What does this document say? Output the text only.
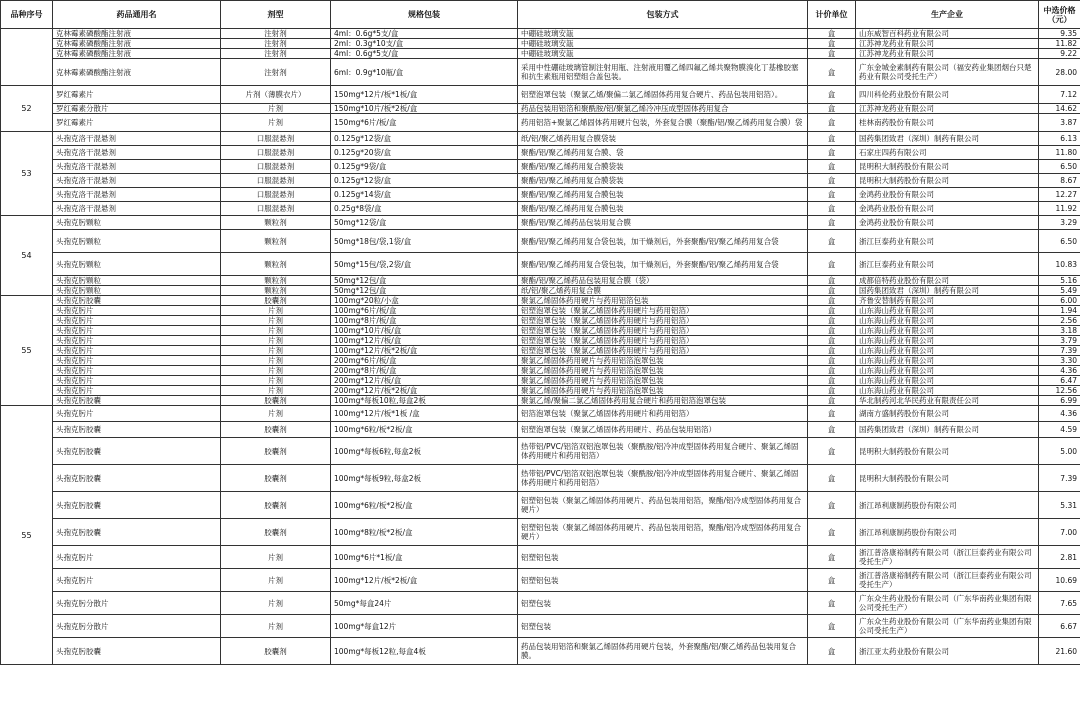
品种序号	药品通用名	剂型	规格包装	包装方式	计价单位	生产企业	中选价格（元）
	克林霉素磷酸酯注射液	注射剂	4ml：0.6g*5支/盒	中硼硅玻璃安瓿	盒	山东威智百科药业有限公司	9.35
	克林霉素磷酸酯注射液	注射剂	2ml：0.3g*10支/盒	中硼硅玻璃安瓿	盒	江苏神龙药业有限公司	11.82
	克林霉素磷酸酯注射液	注射剂	4ml：0.6g*5支/盒	中硼硅玻璃安瓿	盒	江苏神龙药业有限公司	9.22
	克林霉素磷酸酯注射液	注射剂	6ml：0.9g*10瓶/盒	采用中性硼硅玻璃管制注射用瓶、注射液用覆乙烯四氟乙烯共聚物膜溴化丁基橡胶塞和抗生素瓶用铝塑组合盖包装。	盒	广东金城金素制药有限公司（福安药业集团烟台只楚药业有限公司受托生产）	28.00
52	罗红霉素片	片剂（薄膜衣片）	150mg*12片/板*1板/盒	铝塑泡罩包装（聚氯乙烯/聚偏二氯乙烯固体药用复合硬片、药品包装用铝箔）。	盒	四川科伦药业股份有限公司	7.12
	罗红霉素分散片	片剂	150mg*10片/板*2板/盒	药品包装用铝箔和聚酰胺/铝/聚氯乙烯冷冲压成型固体药用复合	盒	江苏神龙药业有限公司	14.62
	罗红霉素片	片剂	150mg*6片/板/盒	药用铝箔+聚氯乙烯固体药用硬片包装，外套复合膜（聚酯/铝/聚乙烯药用复合膜）袋	盒	桂林南药股份有限公司	3.87
53	头孢克洛干混悬剂	口服混悬剂	0.125g*12袋/盒	纸/铝/聚乙烯药用复合膜袋装	盒	国药集团致君（深圳）制药有限公司	6.13
	头孢克洛干混悬剂	口服混悬剂	0.125g*20袋/盒	聚酯/铝/聚乙烯药用复合膜、袋	盒	石家庄四药有限公司	11.80
	头孢克洛干混悬剂	口服混悬剂	0.125g*9袋/盒	聚酯/铝/聚乙烯药用复合膜袋装	盒	昆明积大制药股份有限公司	6.50
	头孢克洛干混悬剂	口服混悬剂	0.125g*12袋/盒	聚酯/铝/聚乙烯药用复合膜袋装	盒	昆明积大制药股份有限公司	8.67
	头孢克洛干混悬剂	口服混悬剂	0.125g*14袋/盒	聚酯/铝/聚乙烯药用复合膜包装	盒	金鸿药业股份有限公司	12.27
	头孢克洛干混悬剂	口服混悬剂	0.25g*8袋/盒	聚酯/铝/聚乙烯药用复合膜包装	盒	金鸿药业股份有限公司	11.92
54	头孢克肟颗粒	颗粒剂	50mg*12袋/盒	聚酯/铝/聚乙烯药品包装用复合膜	盒	金鸿药业股份有限公司	3.29
	头孢克肟颗粒	颗粒剂	50mg*18包/袋,1袋/盒	聚酯/铝/聚乙烯药用复合袋包装，加干燥剂后，外套聚酯/铝/聚乙烯药用复合袋	盒	浙江巨泰药业有限公司	6.50
	头孢克肟颗粒	颗粒剂	50mg*15包/袋,2袋/盒	聚酯/铝/聚乙烯药用复合袋包装，加干燥剂后，外套聚酯/铝/聚乙烯药用复合袋	盒	浙江巨泰药业有限公司	10.83
	头孢克肟颗粒	颗粒剂	50mg*12包/盒	聚酯/铝/聚乙烯药品包装用复合膜（袋）	盒	成都倍特药业股份有限公司	5.16
	头孢克肟颗粒	颗粒剂	50mg*12包/盒	纸/铝/聚乙烯药用复合膜	盒	国药集团致君（深圳）制药有限公司	5.49
55	头孢克肟胶囊	胶囊剂	100mg*20粒/小盒	聚氯乙烯固体药用硬片与药用铝箔包装	盒	齐鲁安替制药有限公司	6.00
	头孢克肟片	片剂	100mg*6片/板/盒	铝塑泡罩包装（聚氯乙烯固体药用硬片与药用铝箔）	盒	山东海山药业有限公司	1.94
	头孢克肟片	片剂	100mg*8片/板/盒	铝塑泡罩包装（聚氯乙烯固体药用硬片与药用铝箔）	盒	山东海山药业有限公司	2.56
	头孢克肟片	片剂	100mg*10片/板/盒	铝塑泡罩包装（聚氯乙烯固体药用硬片与药用铝箔）	盒	山东海山药业有限公司	3.18
	头孢克肟片	片剂	100mg*12片/板/盒	铝塑泡罩包装（聚氯乙烯固体药用硬片与药用铝箔）	盒	山东海山药业有限公司	3.79
	头孢克肟片	片剂	100mg*12片/板*2板/盒	铝塑泡罩包装（聚氯乙烯固体药用硬片与药用铝箔）	盒	山东海山药业有限公司	7.39
	头孢克肟片	片剂	200mg*6片/板/盒	聚氯乙烯固体药用硬片与药用铝箔泡罩包装	盒	山东海山药业有限公司	3.30
	头孢克肟片	片剂	200mg*8片/板/盒	聚氯乙烯固体药用硬片与药用铝箔泡罩包装	盒	山东海山药业有限公司	4.36
	头孢克肟片	片剂	200mg*12片/板/盒	聚氯乙烯固体药用硬片与药用铝箔泡罩包装	盒	山东海山药业有限公司	6.47
	头孢克肟片	片剂	200mg*12片/板*2板/盒	聚氯乙烯固体药用硬片与药用铝箔泡罩包装	盒	山东海山药业有限公司	12.56
	头孢克肟胶囊	胶囊剂	100mg*每板10粒,每盒2板	聚氯乙烯/聚偏二氯乙烯固体药用复合硬片和药用铝箔泡罩包装	盒	华北制药河北华民药业有限责任公司	6.99
55	头孢克肟片	片剂	100mg*12片/板*1板 /盒	铝箔泡罩包装（聚氯乙烯固体药用硬片和药用铝箔）	盒	湖南方盛制药股份有限公司	4.36
	头孢克肟胶囊	胶囊剂	100mg*6粒/板*2板/盒	铝塑泡罩包装（聚氯乙烯固体药用硬片、药品包装用铝箔）	盒	国药集团致君（深圳）制药有限公司	4.59
	头孢克肟胶囊	胶囊剂	100mg*每板6粒,每盒2板	热带铝/PVC/铝箔双铝泡罩包装（聚酰胺/铝冷冲成型固体药用复合硬片、聚氯乙烯固体药用硬片和药用铝箔）	盒	昆明积大制药股份有限公司	5.00
	头孢克肟胶囊	胶囊剂	100mg*每板9粒,每盒2板	热带铝/PVC/铝箔双铝泡罩包装（聚酰胺/铝冷冲成型固体药用复合硬片、聚氯乙烯固体药用硬片和药用铝箔）	盒	昆明积大制药股份有限公司	7.39
	头孢克肟胶囊	胶囊剂	100mg*6粒/板*2板/盒	铝塑铝包装（聚氯乙烯固体药用硬片、药品包装用铝箔，聚酯/铝冷成型固体药用复合硬片）	盒	浙江昂利康制药股份有限公司	5.31
	头孢克肟胶囊	胶囊剂	100mg*8粒/板*2板/盒	铝塑铝包装（聚氯乙烯固体药用硬片、药品包装用铝箔，聚酯/铝冷成型固体药用复合硬片）	盒	浙江昂利康制药股份有限公司	7.00
	头孢克肟片	片剂	100mg*6片*1板/盒	铝塑铝包装	盒	浙江普洛康裕制药有限公司（浙江巨泰药业有限公司受托生产）	2.81
	头孢克肟片	片剂	100mg*12片/板*2板/盒	铝塑铝包装	盒	浙江普洛康裕制药有限公司（浙江巨泰药业有限公司受托生产）	10.69
	头孢克肟分散片	片剂	50mg*每盒24片	铝塑包装	盒	广东众生药业股份有限公司（广东华南药业集团有限公司受托生产）	7.65
	头孢克肟分散片	片剂	100mg*每盒12片	铝塑包装	盒	广东众生药业股份有限公司（广东华南药业集团有限公司受托生产）	6.67
	头孢克肟胶囊	胶囊剂	100mg*每板12粒,每盒4板	药品包装用铝箔和聚氯乙烯固体药用硬片包装，外套聚酯/铝/聚乙烯药品包装用复合膜。	盒	浙江亚太药业股份有限公司	21.60
